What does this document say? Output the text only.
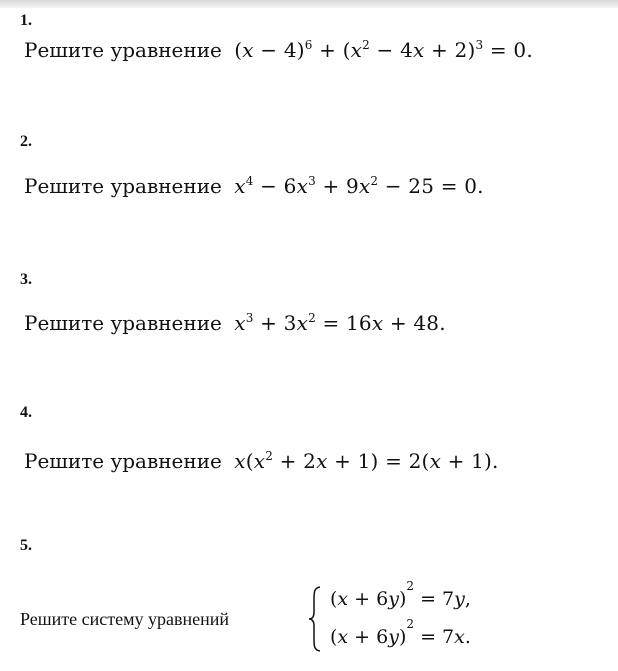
1.
Решите уравнение $(x - 4)^6 + (x^2 - 4x + 2)^3 = 0$.
2.
Решите уравнение $x^4 - 6x^3 + 9x^2 - 25 = 0$.
3.
Решите уравнение $x^3 + 3x^2 = 16x + 48$.
4.
Решите уравнение $x(x^2 + 2x + 1) = 2(x + 1)$.
5.
Решите систему уравнений
$(x + 6y)^2 = 7y$,
$(x + 6y)^2 = 7x$.
